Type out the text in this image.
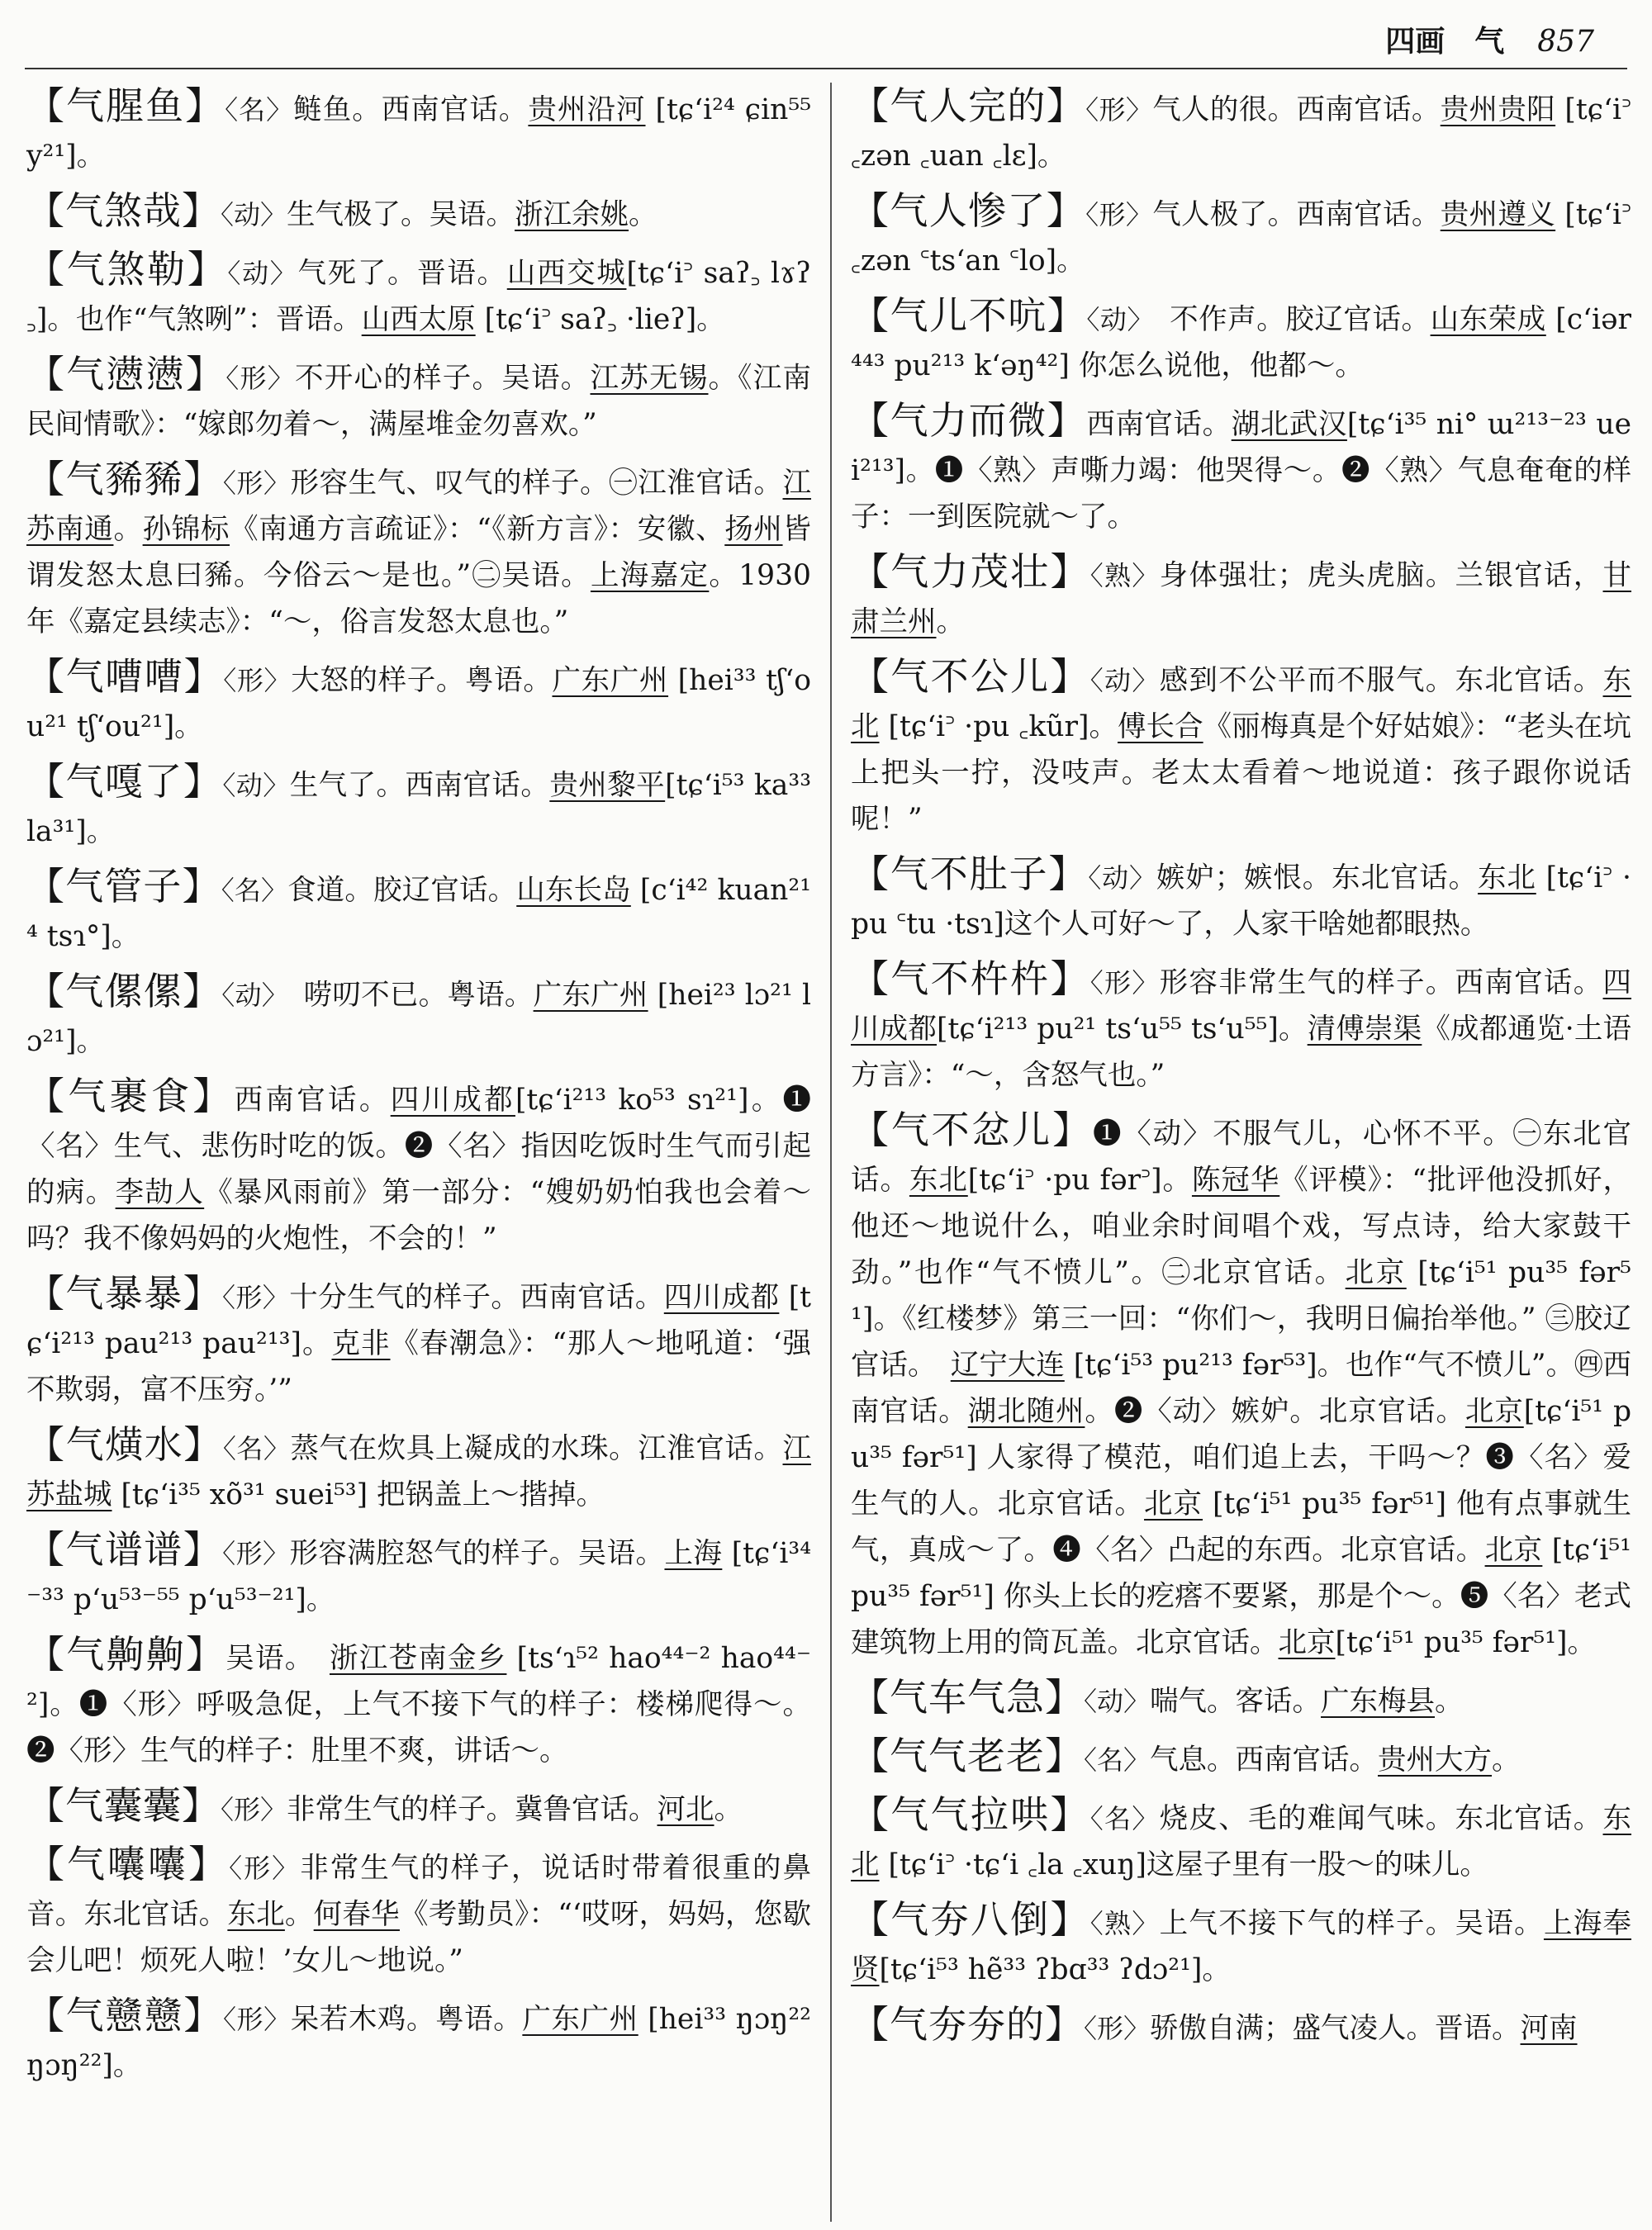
四画　气 857
【 气腥鱼 】 〈名〉鲢鱼。西南官话。贵州沿河 [tɕʻi²⁴ ɕin⁵⁵ y²¹]。
【 气煞哉 】 〈动〉生气极了。吴语。浙江余姚。
【 气煞勒 】 〈动〉气死了。晋语。山西交城[tɕʻi꜄ saʔ꜆ lɤʔ꜆]。也作“气煞咧”：晋语。山西太原 [tɕʻi꜄ saʔ꜆ ·lieʔ]。
【 气懑懑 】 〈形〉不开心的样子。吴语。江苏无锡。《江南民间情歌》：“嫁郎勿着～，满屋堆金勿喜欢。”
【 气豨豨 】 〈形〉形容生气、叹气的样子。㊀江淮官话。江苏南通。孙锦标《南通方言疏证》：“《新方言》：安徽、扬州皆谓发怒太息曰豨。今俗云～是也。”㊁吴语。上海嘉定。1930年《嘉定县续志》：“～，俗言发怒太息也。”
【 气嘈嘈 】 〈形〉大怒的样子。粤语。广东广州 [hei³³ tʃʻou²¹ tʃʻou²¹]。
【 气嘎了 】 〈动〉生气了。西南官话。贵州黎平[tɕʻi⁵³ ka³³ la³¹]。
【 气管子 】 〈名〉食道。胶辽官话。山东长岛 [cʻi⁴² kuan²¹⁴ tsɿ°]。
【 气傫傫 】 〈动〉　唠叨不已。粤语。广东广州 [hei²³ lɔ²¹ lɔ²¹]。
【 气裹食 】 西南官话。四川成都[tɕʻi²¹³ ko⁵³ sɿ²¹]。❶〈名〉生气、悲伤时吃的饭。❷〈名〉指因吃饭时生气而引起的病。李劼人《暴风雨前》第一部分：“嫂奶奶怕我也会着～吗？我不像妈妈的火炮性，不会的！”
【 气暴暴 】 〈形〉十分生气的样子。西南官话。四川成都 [tɕʻi²¹³ pau²¹³ pau²¹³]。克非《春潮急》：“那人～地吼道：‘强不欺弱，富不压穷。’”
【 气熿水 】 〈名〉蒸气在炊具上凝成的水珠。江淮官话。江苏盐城 [tɕʻi³⁵ xõ³¹ suei⁵³] 把锅盖上～揩掉。
【 气谱谱 】 〈形〉形容满腔怒气的样子。吴语。上海 [tɕʻi³⁴⁻³³ pʻu⁵³⁻⁵⁵ pʻu⁵³⁻²¹]。
【 气齁齁 】 吴语。　浙江苍南金乡 [tsʻɿ⁵² hao⁴⁴⁻² hao⁴⁴⁻²]。❶〈形〉呼吸急促，上气不接下气的样子：楼梯爬得～。❷〈形〉生气的样子：肚里不爽，讲话～。
【 气囊囊 】 〈形〉非常生气的样子。冀鲁官话。河北。
【 气囔囔 】 〈形〉非常生气的样子，说话时带着很重的鼻音。东北官话。东北。何春华《考勤员》：“‘哎呀，妈妈，您歇会儿吧！烦死人啦！’女儿～地说。”
【 气戆戆 】 〈形〉呆若木鸡。粤语。广东广州 [hei³³ ŋɔŋ²² ŋɔŋ²²]。
【 气人完的 】 〈形〉气人的很。西南官话。贵州贵阳 [tɕʻi꜄ ꜀zən ꜀uan ꜀lɛ]。
【 气人惨了 】 〈形〉气人极了。西南官话。贵州遵义 [tɕʻi꜄ ꜀zən ꜂tsʻan ꜂lo]。
【 气儿不吭 】 〈动〉　不作声。胶辽官话。山东荣成 [cʻiər⁴⁴³ pu²¹³ kʻəŋ⁴²] 你怎么说他，他都～。
【 气力而微 】 西南官话。湖北武汉[tɕʻi³⁵ ni° ɯ²¹³⁻²³ uei²¹³]。❶〈熟〉声嘶力竭：他哭得～。❷〈熟〉气息奄奄的样子：一到医院就～了。
【 气力茂壮 】 〈熟〉身体强壮；虎头虎脑。兰银官话，甘肃兰州。
【 气不公儿 】 〈动〉感到不公平而不服气。东北官话。东北 [tɕʻi꜄ ·pu ꜀kũr]。傅长合《丽梅真是个好姑娘》：“老头在坑上把头一拧，没吱声。老太太看着～地说道：孩子跟你说话呢！”
【 气不肚子 】 〈动〉嫉妒；嫉恨。东北官话。东北 [tɕʻi꜄ ·pu ꜂tu ·tsɿ]这个人可好～了，人家干啥她都眼热。
【 气不杵杵 】 〈形〉形容非常生气的样子。西南官话。四川成都[tɕʻi²¹³ pu²¹ tsʻu⁵⁵ tsʻu⁵⁵]。清傅崇渠《成都通览·土语方言》：“～，含怒气也。”
【 气不忿儿 】 ❶〈动〉不服气儿，心怀不平。㊀东北官话。东北[tɕʻi꜄ ·pu fər꜄]。陈冠华《评模》：“批评他没抓好，他还～地说什么，咱业余时间唱个戏，写点诗，给大家鼓干劲。”也作“气不愤儿”。㊁北京官话。北京 [tɕʻi⁵¹ pu³⁵ fər⁵¹]。《红楼梦》第三一回：“你们～，我明日偏抬举他。” ㊂胶辽官话。　辽宁大连 [tɕʻi⁵³ pu²¹³ fər⁵³]。也作“气不愤儿”。㊃西南官话。湖北随州。❷〈动〉嫉妒。北京官话。北京[tɕʻi⁵¹ pu³⁵ fər⁵¹] 人家得了模范，咱们追上去，干吗～？❸〈名〉爱生气的人。北京官话。北京 [tɕʻi⁵¹ pu³⁵ fər⁵¹] 他有点事就生气，真成～了。❹〈名〉凸起的东西。北京官话。北京 [tɕʻi⁵¹ pu³⁵ fər⁵¹] 你头上长的疙瘩不要紧，那是个～。❺〈名〉老式建筑物上用的筒瓦盖。北京官话。北京[tɕʻi⁵¹ pu³⁵ fər⁵¹]。
【 气车气急 】 〈动〉喘气。客话。广东梅县。
【 气气老老 】 〈名〉气息。西南官话。贵州大方。
【 气气拉哄 】 〈名〉烧皮、毛的难闻气味。东北官话。东北 [tɕʻi꜄ ·tɕʻi ꜀la ꜀xuŋ]这屋子里有一股～的味儿。
【 气夯八倒 】 〈熟〉上气不接下气的样子。吴语。上海奉贤[tɕʻi⁵³ hẽ³³ ʔbɑ³³ ʔdɔ²¹]。
【 气夯夯的 】 〈形〉骄傲自满；盛气凌人。晋语。河南
